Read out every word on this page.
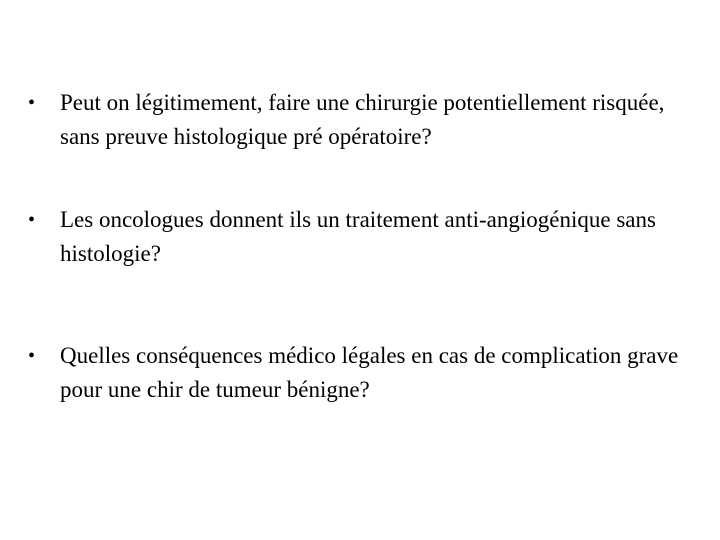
•	Peut on légitimement, faire une chirurgie potentiellement risquée, sans preuve histologique pré opératoire?
•	Les oncologues donnent ils un traitement anti-angiogénique sans histologie?
•	Quelles conséquences médico légales en cas de complication grave pour une chir de tumeur bénigne?
